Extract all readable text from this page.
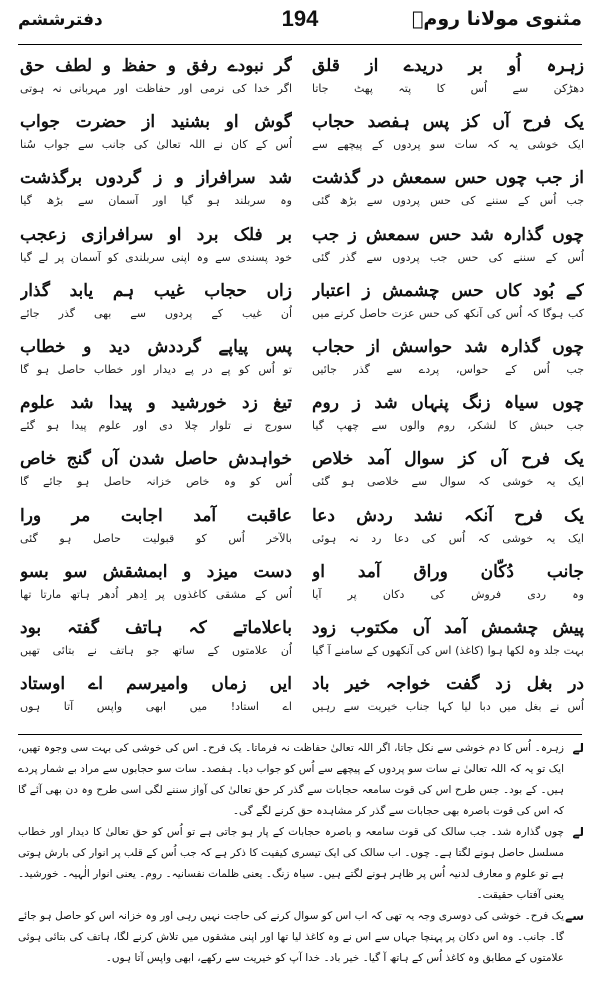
مثنوی مولانا رومؒ
194
دفترششم
زہرہ اُو بر دریدے از قلق
دھڑکن سے اُس کا پتہ پھٹ جاتا
یک فرح آں کز پس ہفصد حجاب
ایک خوشی یہ کہ سات سو پردوں کے پیچھے سے
از جب چوں حس سمعش در گذشت
جب اُس کے سننے کی حس پردوں سے بڑھ گئی
چوں گذارہ شد حس سمعش ز جب
اُس کے سننے کی حس جب پردوں سے گذر گئی
کے بُود کاں حس چشمش ز اعتبار
کب ہوگا کہ اُس کی آنکھ کی حس عزت حاصل کرنے میں
چوں گذارہ شد حواسش از حجاب
جب اُس کے حواس، پردے سے گذر جائیں
چوں سیاہ زنگ پنہاں شد ز روم
جب حبش کا لشکر، روم والوں سے چھپ گیا
یک فرح آں کز سوال آمد خلاص
ایک یہ خوشی کہ سوال سے خلاصی ہو گئی
یک فرح آنکہ نشد ردش دعا
ایک یہ خوشی کہ اُس کی دعا رد نہ ہوئی
جانب دُکّان وراق آمد او
وہ ردی فروش کی دکان پر آیا
پیش چشمش آمد آں مکتوب زود
بہت جلد وہ لکھا ہوا (کاغذ) اس کی آنکھوں کے سامنے آ گیا
در بغل زد گفت خواجہ خیر باد
اُس نے بغل میں دبا لیا کہا جناب خیریت سے رہیں
گر نبودے رفق و حفظ و لطف حق
اگر خدا کی نرمی اور حفاظت اور مہربانی نہ ہوتی
گوش او بشنید از حضرت جواب
اُس کے کان نے اللہ تعالیٰ کی جانب سے جواب سُنا
شد سرافراز و ز گردوں برگذشت
وہ سربلند ہو گیا اور آسمان سے بڑھ گیا
بر فلک برد او سرافرازی زعجب
خود پسندی سے وہ اپنی سربلندی کو آسمان پر لے گیا
زاں حجاب غیب ہم یابد گذار
اُن غیب کے پردوں سے بھی گذر جائے
پس پیاپے گرددش دید و خطاب
تو اُس کو پے در پے دیدار اور خطاب حاصل ہو گا
تیغ زد خورشید و پیدا شد علوم
سورج نے تلوار چلا دی اور علوم پیدا ہو گئے
خواہدش حاصل شدن آں گنج خاص
اُس کو وہ خاص خزانہ حاصل ہو جائے گا
عاقبت آمد اجابت مر ورا
بالآخر اُس کو قبولیت حاصل ہو گئی
دست میزد و ابمشقش سو بسو
اُس کے مشقی کاغذوں پر اِدھر اُدھر ہاتھ مارتا تھا
باعلاماتے کہ ہاتف گفتہ بود
اُن علامتوں کے ساتھ جو ہاتف نے بتائی تھیں
ایں زماں وامیرسم اے اوستاد
اے استاد! میں ابھی واپس آتا ہوں
لے
زہرہ۔ اُس کا دم خوشی سے نکل جاتا، اگر اللہ تعالیٰ حفاظت نہ فرماتا۔ یک فرح۔ اس کی خوشی کی بہت سی وجوہ تھیں، ایک تو یہ کہ اللہ تعالیٰ نے سات سو پردوں کے پیچھے سے اُس کو جواب دیا۔ ہفصد۔ سات سو حجابوں سے مراد بے شمار پردے ہیں۔ کے بود۔ جس طرح اس کی قوت سامعہ حجابات سے گذر کر حق تعالیٰ کی آواز سننے لگی اسی طرح وہ دن بھی آئے گا کہ اس کی قوت باصرہ بھی حجابات سے گذر کر مشاہدہ حق کرنے لگے گی۔
لے
چوں گذارہ شد۔ جب سالک کی قوت سامعہ و باصرہ حجابات کے پار ہو جاتی ہے تو اُس کو حق تعالیٰ کا دیدار اور خطاب مسلسل حاصل ہونے لگتا ہے۔ چوں۔ اب سالک کی ایک تیسری کیفیت کا ذکر ہے کہ جب اُس کے قلب پر انوار کی بارش ہوتی ہے تو علوم و معارف لدنیہ اُس پر ظاہر ہونے لگتے ہیں۔ سیاہ زنگ۔ یعنی ظلمات نفسانیہ۔ روم۔ یعنی انوار الٰہیہ۔ خورشید۔ یعنی آفتاب حقیقت۔
سے
یک فرح۔ خوشی کی دوسری وجہ یہ تھی کہ اب اس کو سوال کرنے کی حاجت نہیں رہی اور وہ خزانہ اس کو حاصل ہو جائے گا۔ جانب۔ وہ اس دکان پر پہنچا جہاں سے اس نے وہ کاغذ لیا تھا اور اپنی مشقوں میں تلاش کرنے لگا، ہاتف کی بتائی ہوئی علامتوں کے مطابق وہ کاغذ اُس کے ہاتھ آ گیا۔ خیر باد۔ خدا آپ کو خیریت سے رکھے، ابھی واپس آتا ہوں۔
